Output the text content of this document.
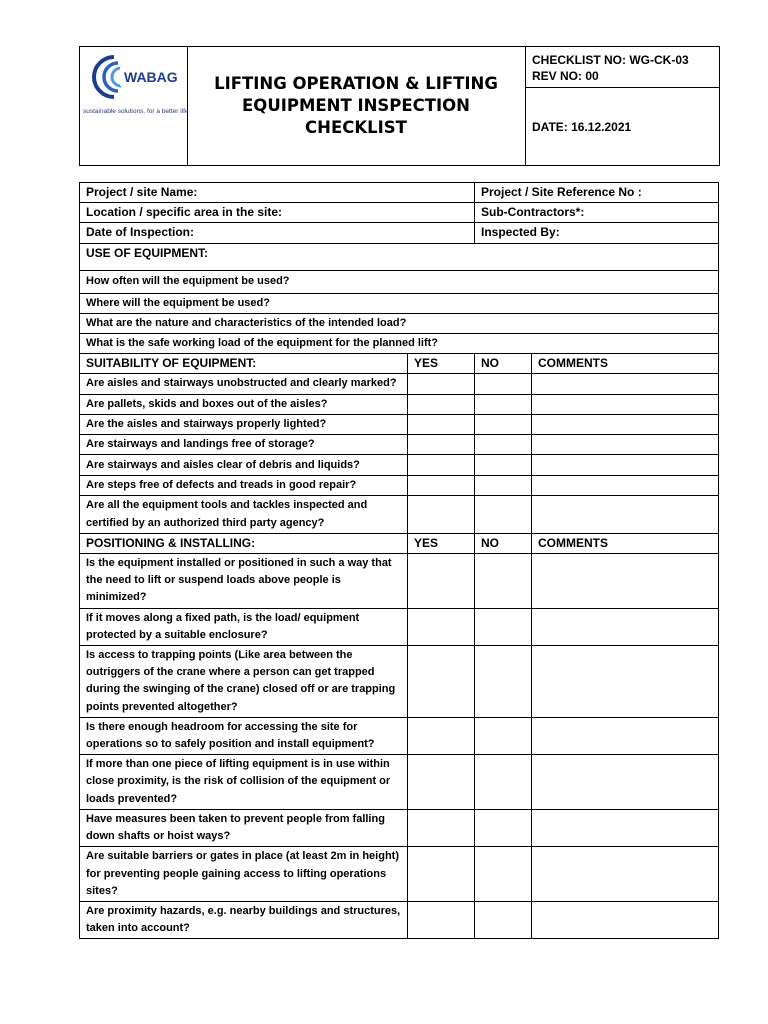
WABAG
sustainable solutions. for a better life
LIFTING OPERATION & LIFTING
EQUIPMENT INSPECTION
CHECKLIST
CHECKLIST NO: WG-CK-03
REV NO: 00
DATE: 16.12.2021
Project / site Name:		Project / Site Reference No :	
Location / specific area in the site:		Sub-Contractors*:	
Date of Inspection:		Inspected By:	
USE OF EQUIPMENT:			
How often will the equipment be used?			
Where will the equipment be used?			
What are the nature and characteristics of the intended load?			
What is the safe working load of the equipment for the planned lift?			
SUITABILITY OF EQUIPMENT:	YES	NO	COMMENTS
Are aisles and stairways unobstructed and clearly marked?			
Are pallets, skids and boxes out of the aisles?			
Are the aisles and stairways properly lighted?			
Are stairways and landings free of storage?			
Are stairways and aisles clear of debris and liquids?			
Are steps free of defects and treads in good repair?			
Are all the equipment tools and tackles inspected and certified by an authorized third party agency?			
POSITIONING & INSTALLING:	YES	NO	COMMENTS
Is the equipment installed or positioned in such a way that the need to lift or suspend loads above people is minimized?			
If it moves along a fixed path, is the load/ equipment protected by a suitable enclosure?			
Is access to trapping points (Like area between the outriggers of the crane where a person can get trapped during the swinging of the crane) closed off or are trapping points prevented altogether?			
Is there enough headroom for accessing the site for operations so to safely position and install equipment?			
If more than one piece of lifting equipment is in use within close proximity, is the risk of collision of the equipment or loads prevented?			
Have measures been taken to prevent people from falling down shafts or hoist ways?			
Are suitable barriers or gates in place (at least 2m in height) for preventing people gaining access to lifting operations sites?			
Are proximity hazards, e.g. nearby buildings and structures, taken into account?			
